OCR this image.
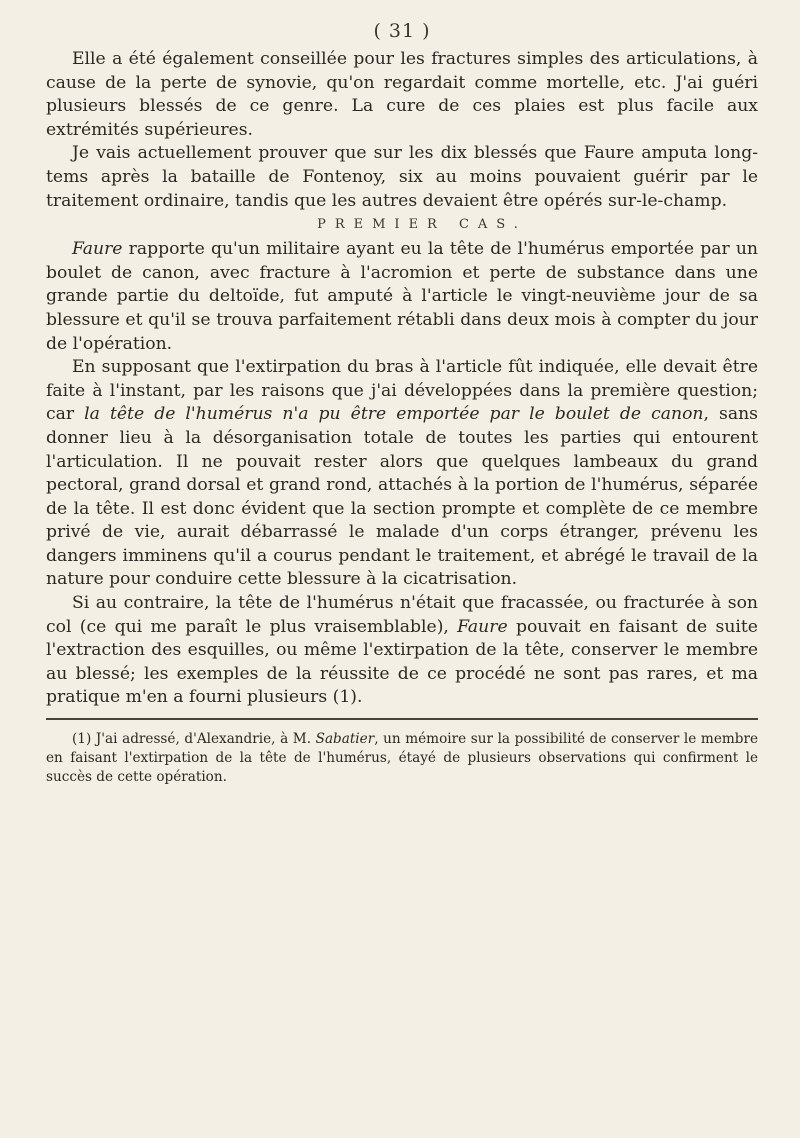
( 31 )

Elle a été également conseillée pour les fractures simples des articulations, à cause de la perte de synovie, qu'on regardait comme mortelle, etc. J'ai guéri plusieurs blessés de ce genre. La cure de ces plaies est plus facile aux extrémités supérieures.

Je vais actuellement prouver que sur les dix blessés que Faure amputa long-tems après la bataille de Fontenoy, six au moins pouvaient guérir par le traitement ordinaire, tandis que les autres devaient être opérés sur-le-champ.

PREMIER CAS.

Faure rapporte qu'un militaire ayant eu la tête de l'humérus emportée par un boulet de canon, avec fracture à l'acromion et perte de substance dans une grande partie du deltoïde, fut amputé à l'article le vingt-neuvième jour de sa blessure et qu'il se trouva parfaitement rétabli dans deux mois à compter du jour de l'opération.

En supposant que l'extirpation du bras à l'article fût indiquée, elle devait être faite à l'instant, par les raisons que j'ai développées dans la première question; car la tête de l'humérus n'a pu être emportée par le boulet de canon, sans donner lieu à la désorganisation totale de toutes les parties qui entourent l'articulation. Il ne pouvait rester alors que quelques lambeaux du grand pectoral, grand dorsal et grand rond, attachés à la portion de l'humérus, séparée de la tête. Il est donc évident que la section prompte et complète de ce membre privé de vie, aurait débarrassé le malade d'un corps étranger, prévenu les dangers imminens qu'il a courus pendant le traitement, et abrégé le travail de la nature pour conduire cette blessure à la cicatrisation.

Si au contraire, la tête de l'humérus n'était que fracassée, ou fracturée à son col (ce qui me paraît le plus vraisemblable), Faure pouvait en faisant de suite l'extraction des esquilles, ou même l'extirpation de la tête, conserver le membre au blessé; les exemples de la réussite de ce procédé ne sont pas rares, et ma pratique m'en a fourni plusieurs (1).

(1) J'ai adressé, d'Alexandrie, à M. Sabatier, un mémoire sur la possibilité de conserver le membre en faisant l'extirpation de la tête de l'humérus, étayé de plusieurs observations qui confirment le succès de cette opération.
